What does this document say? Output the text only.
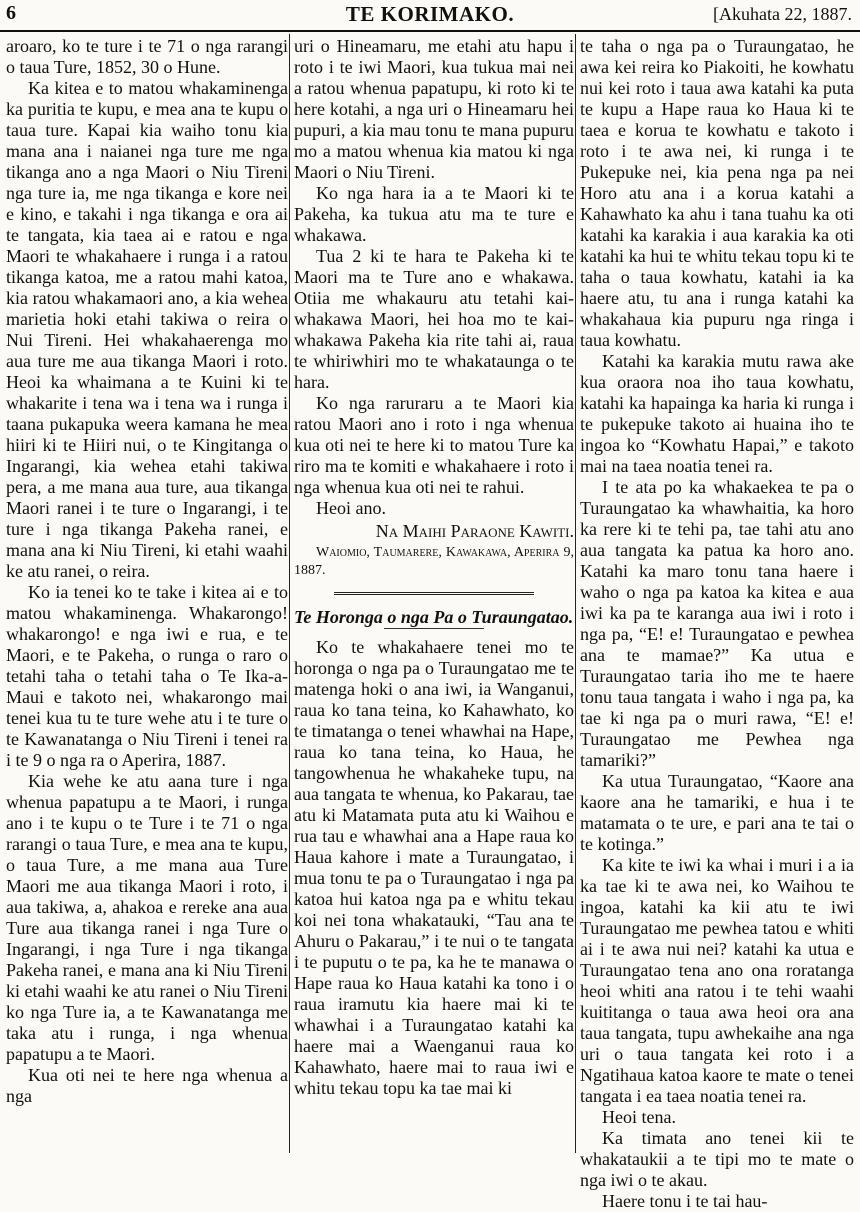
6	TE KORIMAKO.	[Akuhata 22, 1887.

aroaro, ko te ture i te 71 o nga rarangi o taua Ture, 1852, 30 o Hune.

Ka kitea e to matou whakaminenga ka puritia te kupu, e mea ana te kupu o taua ture. Kapai kia waiho tonu kia mana ana i naianei nga ture me nga tikanga ano a nga Maori o Niu Tireni nga ture ia, me nga tikanga e kore nei e kino, e takahi i nga tikanga e ora ai te tangata, kia taea ai e ratou e nga Maori te whakahaere i runga i a ratou tikanga katoa, me a ratou mahi katoa, kia ratou whakamaori ano, a kia wehea marietia hoki etahi takiwa o reira o Nui Tireni. Hei whakahaerenga mo aua ture me aua tikanga Maori i roto. Heoi ka whaimana a te Kuini ki te whakarite i tena wa i tena wa i runga i taana pukapuka weera kamana he mea hiiri ki te Hiiri nui, o te Kingitanga o Ingarangi, kia wehea etahi takiwa pera, a me mana aua ture, aua tikanga Maori ranei i te ture o Ingarangi, i te ture i nga tikanga Pakeha ranei, e mana ana ki Niu Tireni, ki etahi waahi ke atu ranei, o reira.

Ko ia tenei ko te take i kitea ai e to matou whakaminenga. Whakarongo! whakarongo! e nga iwi e rua, e te Maori, e te Pakeha, o runga o raro o tetahi taha o tetahi taha o Te Ika-a-Maui e takoto nei, whakarongo mai tenei kua tu te ture wehe atu i te ture o te Kawanatanga o Niu Tireni i tenei ra i te 9 o nga ra o Aperira, 1887.

Kia wehe ke atu aana ture i nga whenua papatupu a te Maori, i runga ano i te kupu o te Ture i te 71 o nga rarangi o taua Ture, e mea ana te kupu, o taua Ture, a me mana aua Ture Maori me aua tikanga Maori i roto, i aua takiwa, a, ahakoa e rereke ana aua Ture aua tikanga ranei i nga Ture o Ingarangi, i nga Ture i nga tikanga Pakeha ranei, e mana ana ki Niu Tireni ki etahi waahi ke atu ranei o Niu Tireni ko nga Ture ia, a te Kawanatanga me taka atu i runga, i nga whenua papatupu a te Maori.

Kua oti nei te here nga whenua a nga

uri o Hineamaru, me etahi atu hapu i roto i te iwi Maori, kua tukua mai nei a ratou whenua papatupu, ki roto ki te here kotahi, a nga uri o Hineamaru hei pupuri, a kia mau tonu te mana pupuru mo a matou whenua kia matou ki nga Maori o Niu Tireni.

Ko nga hara ia a te Maori ki te Pakeha, ka tukua atu ma te ture e whakawa.

Tua 2 ki te hara te Pakeha ki te Maori ma te Ture ano e whakawa. Otiia me whakauru atu tetahi kai-whakawa Maori, hei hoa mo te kai-whakawa Pakeha kia rite tahi ai, raua te whiriwhiri mo te whakataunga o te hara.

Ko nga raruraru a te Maori kia ratou Maori ano i roto i nga whenua kua oti nei te here ki to matou Ture ka riro ma te komiti e whakahaere i roto i nga whenua kua oti nei te rahui.

Heoi ano.

Na Maihi Paraone Kawiti.

Waiomio, Taumarere, Kawakawa, Aperira 9, 1887.

Te Horonga o nga Pa o Turaungatao.

Ko te whakahaere tenei mo te horonga o nga pa o Turaungatao me te matenga hoki o ana iwi, ia Wanganui, raua ko tana teina, ko Kahawhato, ko te timatanga o tenei whawhai na Hape, raua ko tana teina, ko Haua, he tangowhenua he whakaheke tupu, na aua tangata te whenua, ko Pakarau, tae atu ki Matamata puta atu ki Waihou e rua tau e whawhai ana a Hape raua ko Haua kahore i mate a Turaungatao, i mua tonu te pa o Turaungatao i nga pa katoa hui katoa nga pa e whitu tekau koi nei tona whakatauki, “Tau ana te Ahuru o Pakarau,” i te nui o te tangata i te puputu o te pa, ka he te manawa o Hape raua ko Haua katahi ka tono i o raua iramutu kia haere mai ki te whawhai i a Turaungatao katahi ka haere mai a Waenganui raua ko Kahawhato, haere mai to raua iwi e whitu tekau topu ka tae mai ki

te taha o nga pa o Turaungatao, he awa kei reira ko Piakoiti, he kowhatu nui kei roto i taua awa katahi ka puta te kupu a Hape raua ko Haua ki te taea e korua te kowhatu e takoto i roto i te awa nei, ki runga i te Pukepuke nei, kia pena nga pa nei Horo atu ana i a korua katahi a Kahawhato ka ahu i tana tuahu ka oti katahi ka karakia i aua karakia ka oti katahi ka hui te whitu tekau topu ki te taha o taua kowhatu, katahi ia ka haere atu, tu ana i runga katahi ka whakahaua kia pupuru nga ringa i taua kowhatu.

Katahi ka karakia mutu rawa ake kua oraora noa iho taua kowhatu, katahi ka hapainga ka haria ki runga i te pukepuke takoto ai huaina iho te ingoa ko “Kowhatu Hapai,” e takoto mai na taea noatia tenei ra.

I te ata po ka whakaekea te pa o Turaungatao ka whawhaitia, ka horo ka rere ki te tehi pa, tae tahi atu ano aua tangata ka patua ka horo ano. Katahi ka maro tonu tana haere i waho o nga pa katoa ka kitea e aua iwi ka pa te karanga aua iwi i roto i nga pa, “E! e! Turaungatao e pewhea ana te mamae?” Ka utua e Turaungatao taria iho me te haere tonu taua tangata i waho i nga pa, ka tae ki nga pa o muri rawa, “E! e! Turaungatao me Pewhea nga tamariki?”

Ka utua Turaungatao, “Kaore ana kaore ana he tamariki, e hua i te matamata o te ure, e pari ana te tai o te kotinga.”

Ka kite te iwi ka whai i muri i a ia ka tae ki te awa nei, ko Waihou te ingoa, katahi ka kii atu te iwi Turaungatao me pewhea tatou e whiti ai i te awa nui nei? katahi ka utua e Turaungatao tena ano ona roratanga heoi whiti ana ratou i te tehi waahi kuititanga o taua awa heoi ora ana taua tangata, tupu awhekaihe ana nga uri o taua tangata kei roto i a Ngatihaua katoa kaore te mate o tenei tangata i ea taea noatia tenei ra.

Heoi tena.

Ka timata ano tenei kii te whakataukii a te tipi mo te mate o nga iwi o te akau.

Haere tonu i te tai hau-
